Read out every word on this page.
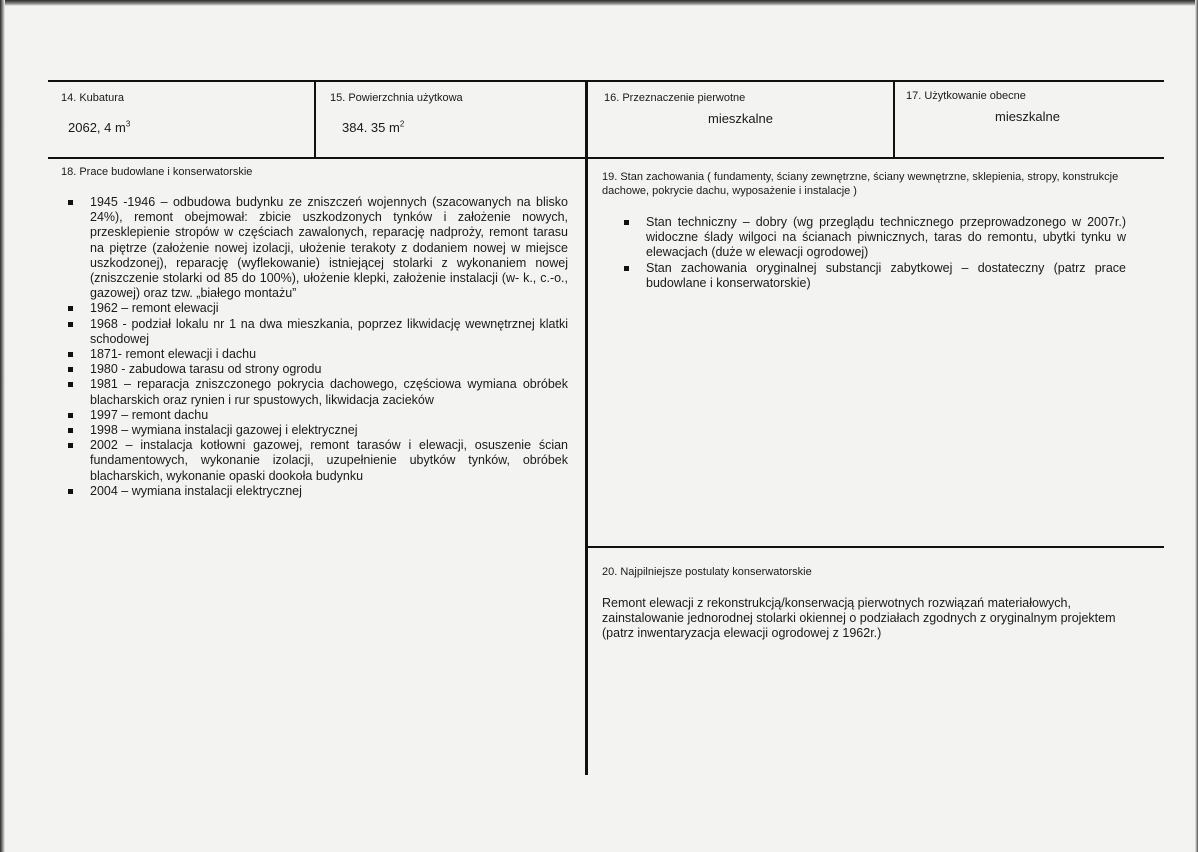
14. Kubatura
2062, 4 $m^3$
15. Powierzchnia użytkowa
384. 35 $m^2$
16. Przeznaczenie pierwotne
mieszkalne
17. Użytkowanie obecne
mieszkalne
18. Prace budowlane i konserwatorskie
1945 -1946 – odbudowa budynku ze zniszczeń wojennych (szacowanych na blisko 24%), remont obejmował: zbicie uszkodzonych tynków i założenie nowych, przesklepienie stropów w częściach zawalonych, reparację nadproży, remont tarasu na piętrze (założenie nowej izolacji, ułożenie terakoty z dodaniem nowej w miejsce uszkodzonej), reparację (wyflekowanie) istniejącej stolarki z wykonaniem nowej (zniszczenie stolarki od 85 do 100%), ułożenie klepki, założenie instalacji (w- k., c.-o., gazowej) oraz tzw. „białego montażu”
1962 – remont elewacji
1968 - podział lokalu nr 1 na dwa mieszkania, poprzez likwidację wewnętrznej klatki schodowej
1871- remont elewacji i dachu
1980 - zabudowa tarasu od strony ogrodu
1981 – reparacja zniszczonego pokrycia dachowego, częściowa wymiana obróbek blacharskich oraz rynien i rur spustowych, likwidacja zacieków
1997 – remont dachu
1998 – wymiana instalacji gazowej i elektrycznej
2002 – instalacja kotłowni gazowej, remont tarasów i elewacji, osuszenie ścian fundamentowych, wykonanie izolacji, uzupełnienie ubytków tynków, obróbek blacharskich, wykonanie opaski dookoła budynku
2004 – wymiana instalacji elektrycznej
19. Stan zachowania ( fundamenty, ściany zewnętrzne, ściany wewnętrzne, sklepienia, stropy, konstrukcje dachowe, pokrycie dachu, wyposażenie i instalacje )
Stan techniczny – dobry (wg przeglądu technicznego przeprowadzonego w 2007r.) widoczne ślady wilgoci na ścianach piwnicznych, taras do remontu, ubytki tynku w elewacjach (duże w elewacji ogrodowej)
Stan zachowania oryginalnej substancji zabytkowej – dostateczny (patrz prace budowlane i konserwatorskie)
20. Najpilniejsze postulaty konserwatorskie
Remont elewacji z rekonstrukcją/konserwacją pierwotnych rozwiązań materiałowych, zainstalowanie jednorodnej stolarki okiennej o podziałach zgodnych z oryginalnym projektem (patrz inwentaryzacja elewacji ogrodowej z 1962r.)
